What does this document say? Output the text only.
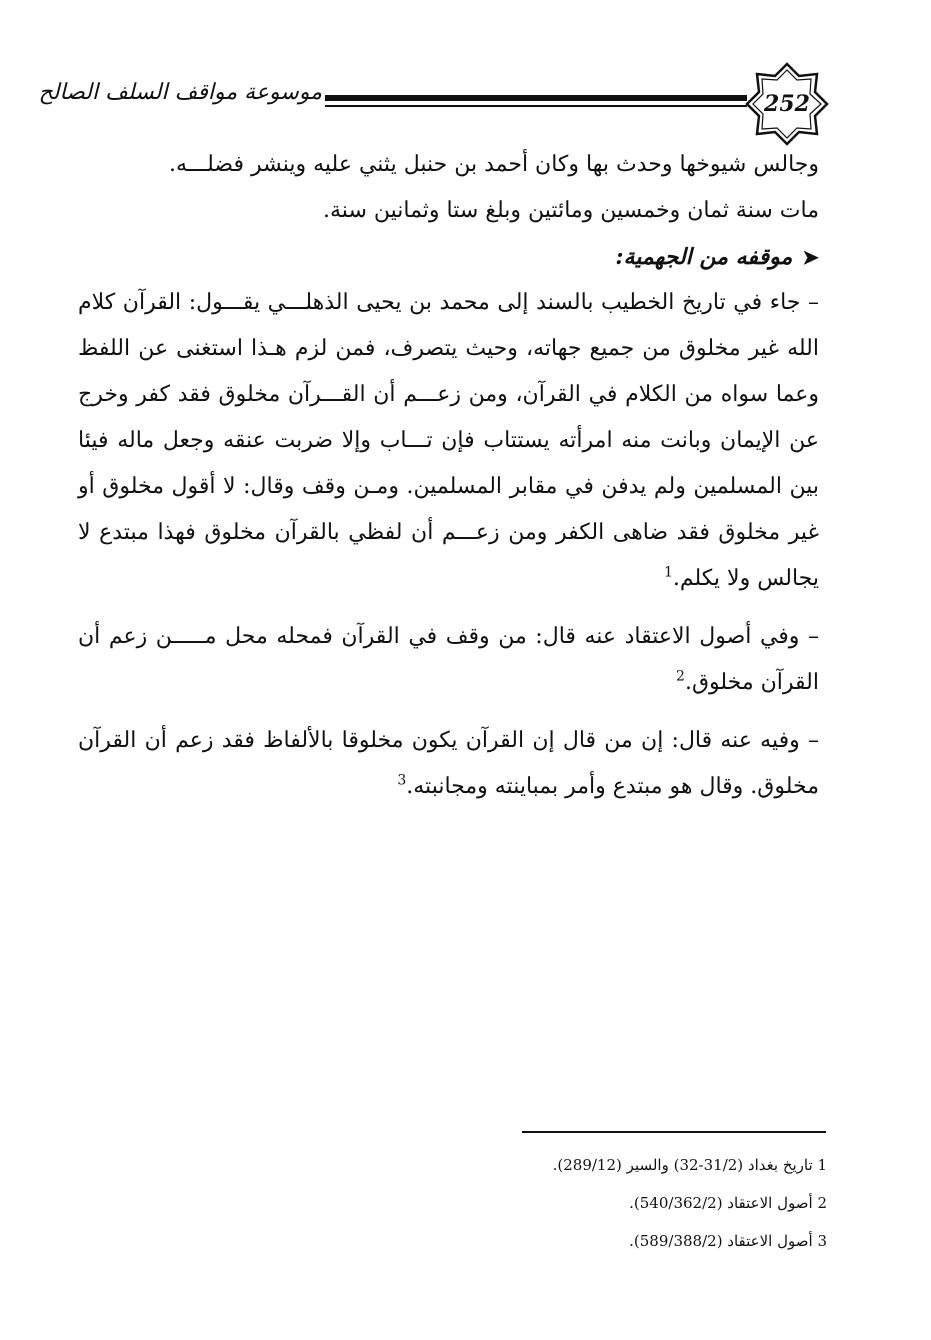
موسوعة مواقف السلف الصالح	252

وجالس شيوخها وحدث بها وكان أحمد بن حنبل يثني عليه وينشر فضلـــه.

مات سنة ثمان وخمسين ومائتين وبلغ ستا وثمانين سنة.

➤
موقفه من الجهمية:

– جاء في تاريخ الخطيب بالسند إلى محمد بن يحيى الذهلـــي يقـــول: القرآن كلام الله غير مخلوق من جميع جهاته، وحيث يتصرف، فمن لزم هـذا استغنى عن اللفظ وعما سواه من الكلام في القرآن، ومن زعـــم أن القـــرآن مخلوق فقد كفر وخرج عن الإيمان وبانت منه امرأته يستتاب فإن تـــاب وإلا ضربت عنقه وجعل ماله فيئا بين المسلمين ولم يدفن في مقابر المسلمين. ومـن وقف وقال: لا أقول مخلوق أو غير مخلوق فقد ضاهى الكفر ومن زعـــم أن لفظي بالقرآن مخلوق فهذا مبتدع لا يجالس ولا يكلم.$^1$

– وفي أصول الاعتقاد عنه قال: من وقف في القرآن فمحله محل مـــــن زعم أن القرآن مخلوق.$^2$

– وفيه عنه قال: إن من قال إن القرآن يكون مخلوقا بالألفاظ فقد زعم أن القرآن مخلوق. وقال هو مبتدع وأمر بمباينته ومجانبته.$^3$

1 تاريخ بغداد (31/2-32) والسير (289/12).
2 أصول الاعتقاد (540/362/2).
3 أصول الاعتقاد (589/388/2).
